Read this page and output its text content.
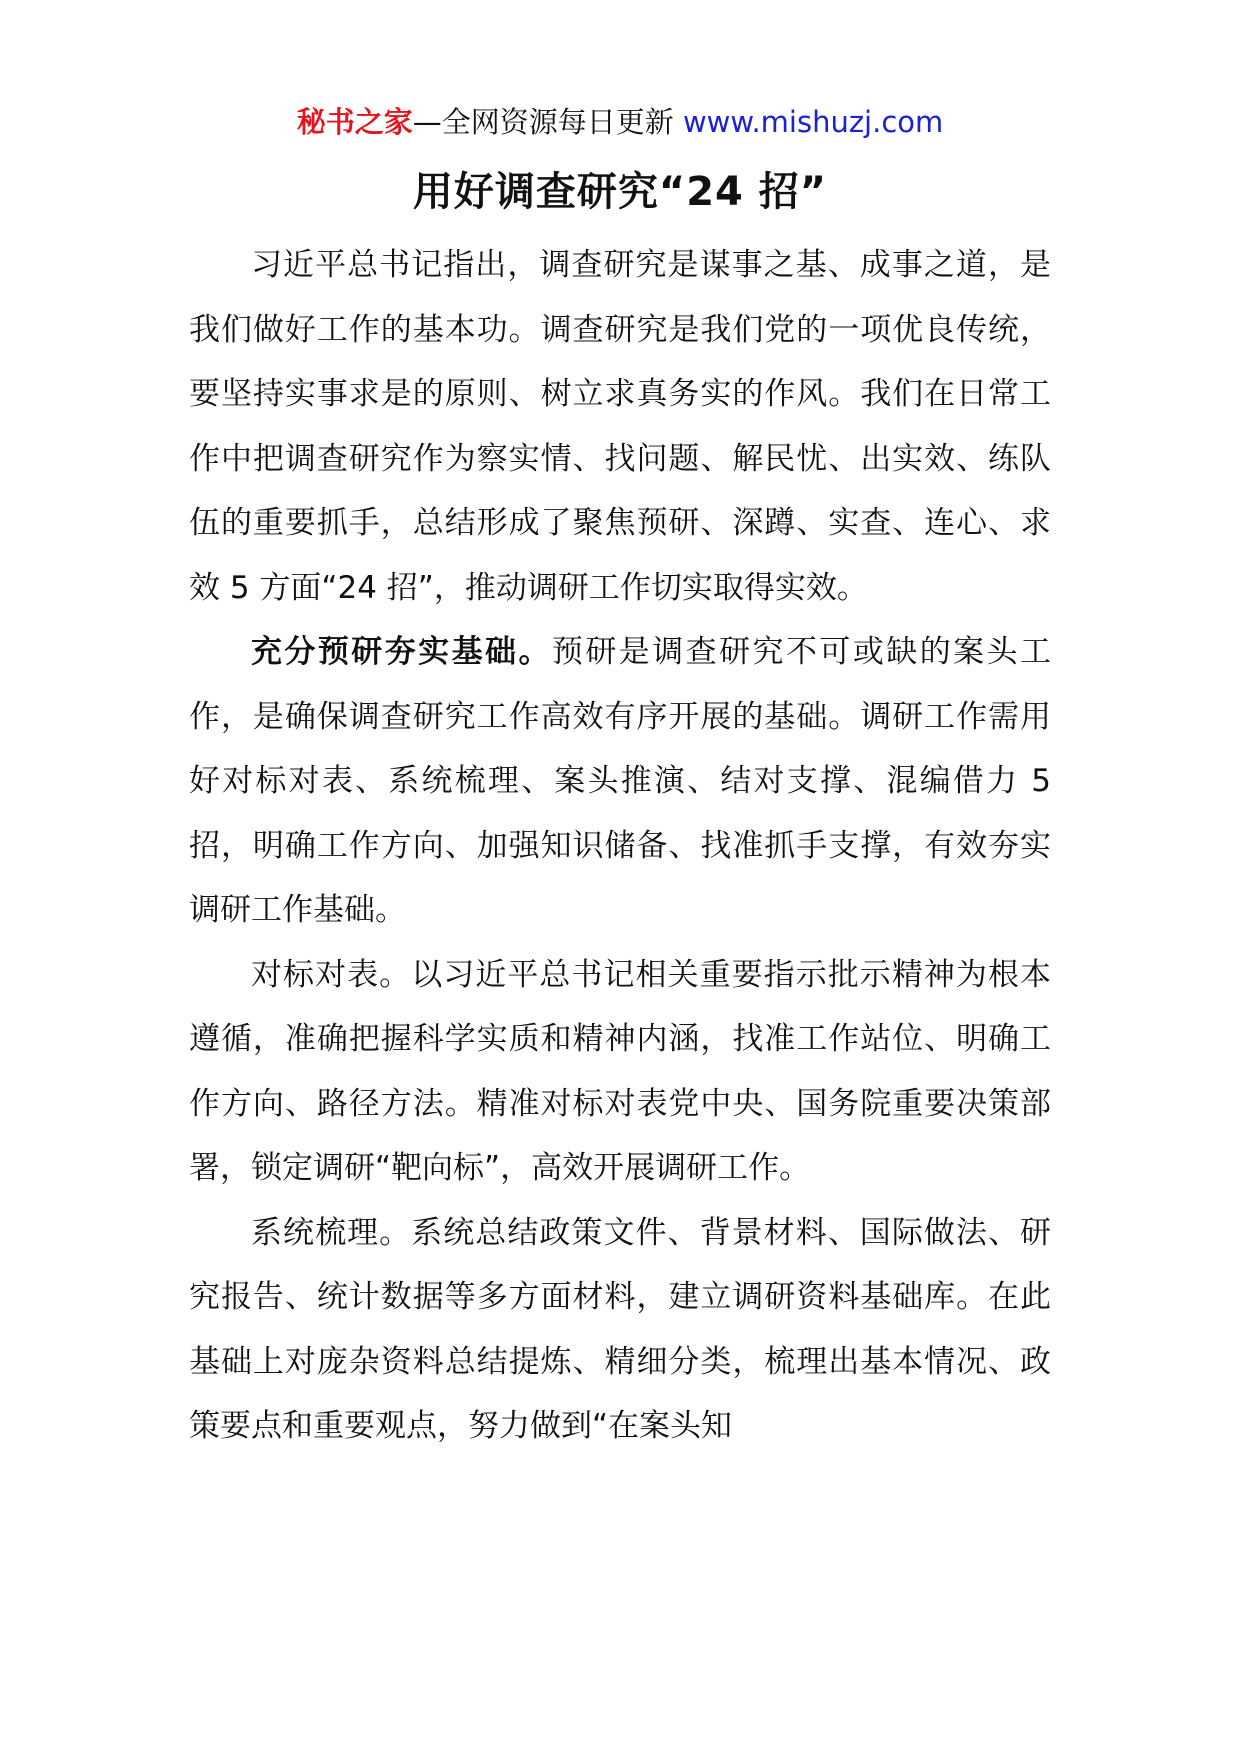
秘书之家—全网资源每日更新 www.mishuzj.com
用好调查研究“24 招”

习近平总书记指出，调查研究是谋事之基、成事之道，是我们做好工作的基本功。调查研究是我们党的一项优良传统，要坚持实事求是的原则、树立求真务实的作风。我们在日常工作中把调查研究作为察实情、找问题、解民忧、出实效、练队伍的重要抓手，总结形成了聚焦预研、深蹲、实查、连心、求效 5 方面“24 招”，推动调研工作切实取得实效。

充分预研夯实基础。预研是调查研究不可或缺的案头工作，是确保调查研究工作高效有序开展的基础。调研工作需用好对标对表、系统梳理、案头推演、结对支撑、混编借力 5 招，明确工作方向、加强知识储备、找准抓手支撑，有效夯实调研工作基础。

对标对表。以习近平总书记相关重要指示批示精神为根本遵循，准确把握科学实质和精神内涵，找准工作站位、明确工作方向、路径方法。精准对标对表党中央、国务院重要决策部署，锁定调研“靶向标”，高效开展调研工作。

系统梳理。系统总结政策文件、背景材料、国际做法、研究报告、统计数据等多方面材料，建立调研资料基础库。在此基础上对庞杂资料总结提炼、精细分类，梳理出基本情况、政策要点和重要观点，努力做到“在案头知
